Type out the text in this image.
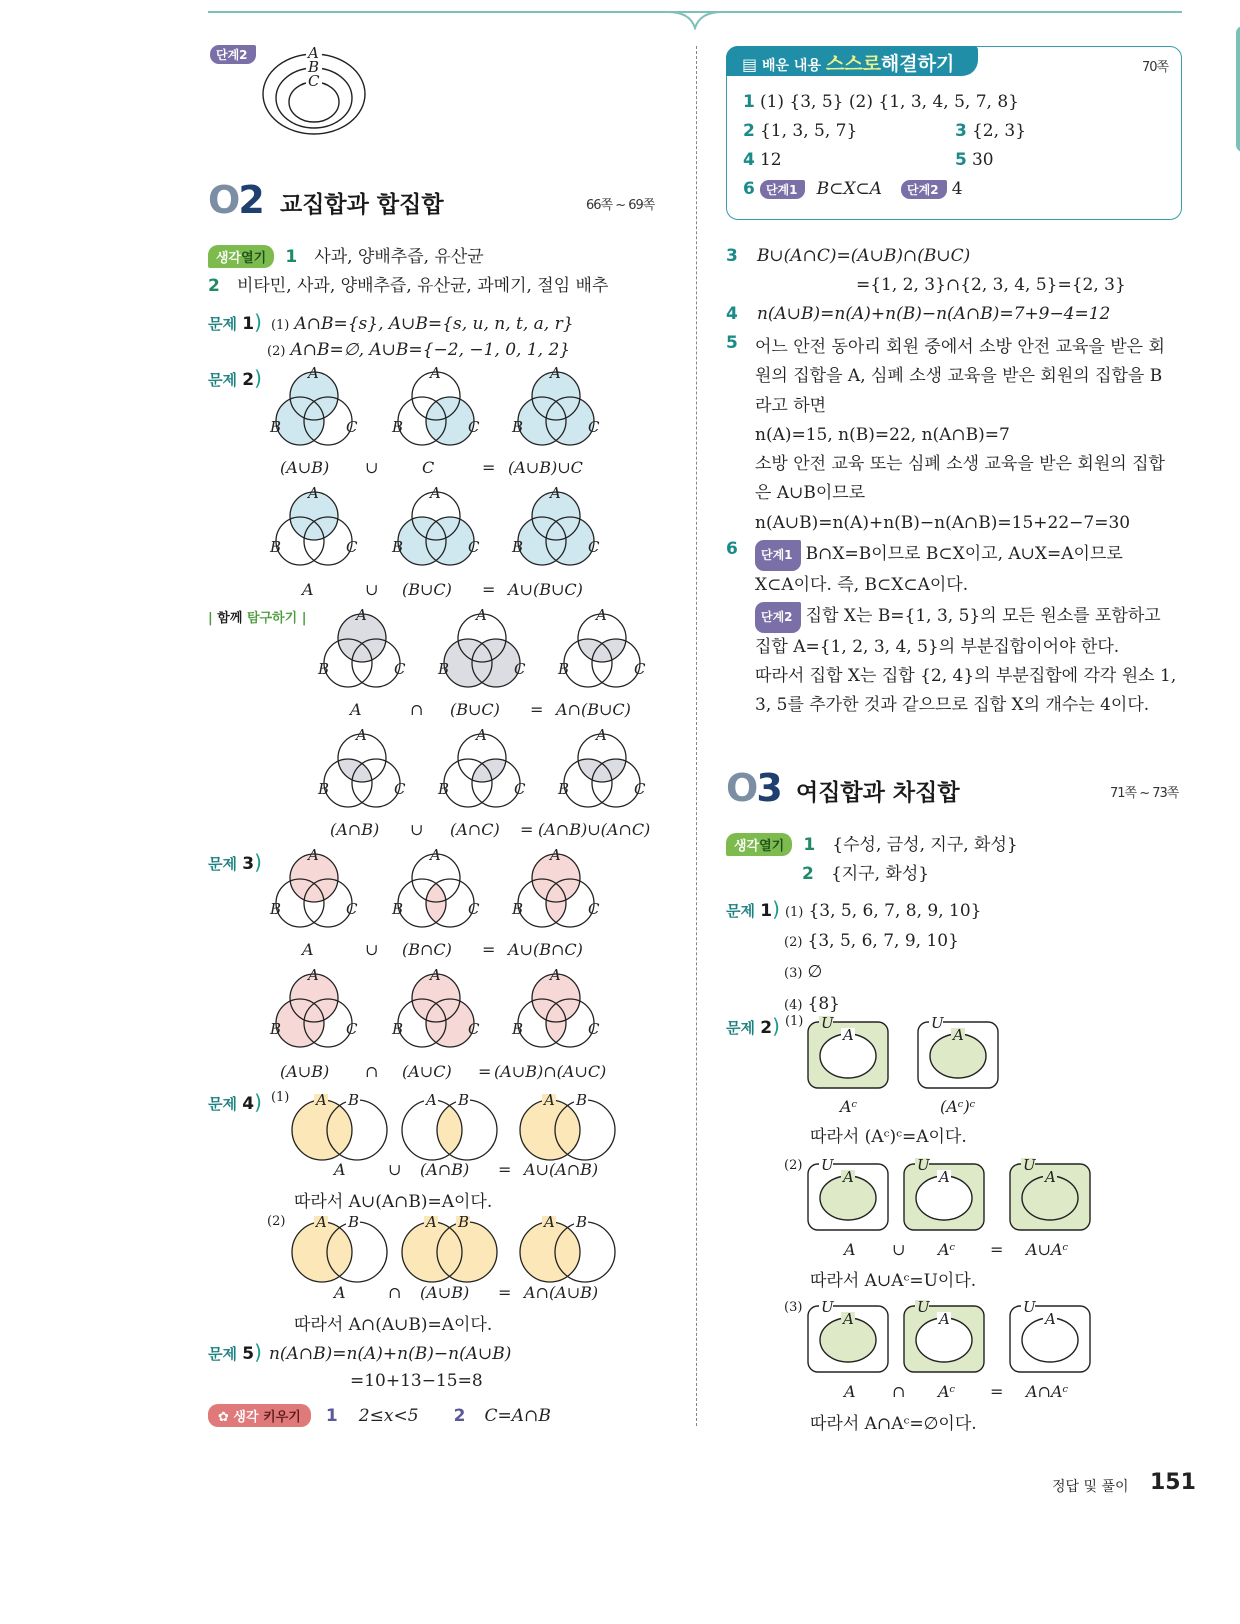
단계2	A
B
C
O2 교집합과 합집합	66쪽 ~ 69쪽
생각열기 1 사과, 양배추즙, 유산균
2 비타민, 사과, 양배추즙, 유산균, 과메기, 절임 배추
문제 1) (1) A∩B={s}, A∪B={s, u, n, t, a, r}
(2) A∩B=∅, A∪B={−2, −1, 0, 1, 2}
문제 2)	A
B	C
A
B	C
A
B	C
A
B	C
A
B	C
A
B	C
A
B	C
A
B	C
A
B	C
A
B	C
A
B	C
A
B	C
A
B	C
A
B	C
A
B	C
A
B	C
A
B	C
A
B	C
A B	A B	A B
A B	A B	A B
(A∪B) ∪	C	= (A∪B)∪C
A	∪ (B∪C) = A∪(B∪C)
| 함께 탐구하기 |
A	∩ (B∪C) = A∩(B∪C)
(A∩B) ∪ (A∩C) = (A∩B)∪(A∩C)
문제 3)
A	∪ (B∩C) = A∪(B∩C)
(A∪B) ∩ (A∪C) = (A∪B)∩(A∪C)
문제 4) $^{(1)}$
A	∪ (A∩B) = A∪(A∩B)
따라서 A∪(A∩B)=A이다.
(2)
A	∩ (A∪B) = A∩(A∪B)
따라서 A∩(A∪B)=A이다.
문제 5) n(A∩B)=n(A)+n(B)−n(A∪B)
=10+13−15=8
✿ 생각 키우기 1 2≤x<5 2 C=A∩B
▤ 배운 내용 스스로해결하기	70쪽
1 (1) {3, 5} (2) {1, 3, 4, 5, 7, 8}
2 {1, 3, 5, 7}	3 {2, 3}
4 12	5 30
6 단계1 B⊂X⊂A 단계2 4
3 B∪(A∩C)=(A∪B)∩(B∪C)
={1, 2, 3}∩{2, 3, 4, 5}={2, 3}
4 n(A∪B)=n(A)+n(B)−n(A∩B)=7+9−4=12
5 어느 안전 동아리 회원 중에서 소방 안전 교육을 받은 회
원의 집합을 A, 심폐 소생 교육을 받은 회원의 집합을 B
라고 하면
n(A)=15, n(B)=22, n(A∩B)=7
소방 안전 교육 또는 심폐 소생 교육을 받은 회원의 집합
은 A∪B이므로
n(A∪B)=n(A)+n(B)−n(A∩B)=15+22−7=30
6	단계1 B∩X=B이므로 B⊂X이고, A∪X=A이므로
X⊂A이다. 즉, B⊂X⊂A이다.
단계2 집합 X는 B={1, 3, 5}의 모든 원소를 포함하고
집합 A={1, 2, 3, 4, 5}의 부분집합이어야 한다.
따라서 집합 X는 집합 {2, 4}의 부분집합에 각각 원소 1,
3, 5를 추가한 것과 같으므로 집합 X의 개수는 4이다.
O3 여집합과 차집합	71쪽 ~ 73쪽
생각열기 1 {수성, 금성, 지구, 화성}
2 {지구, 화성}
문제 1) (1) {3, 5, 6, 7, 8, 9, 10}
(2) {3, 5, 6, 7, 9, 10}
(3) ∅
(4) {8}
문제 2) $^{(1)}$ U
A
U
A
U
A
U
A
U
A
U
A
U
A
U
A
Aᶜ	(Aᶜ)ᶜ
따라서 (Aᶜ)ᶜ=A이다.
(2)
A ∪ Aᶜ = A∪Aᶜ
따라서 A∪Aᶜ=U이다.
(3)
A ∩ Aᶜ = A∩Aᶜ
따라서 A∩Aᶜ=∅이다.
정답 및 풀이 151
